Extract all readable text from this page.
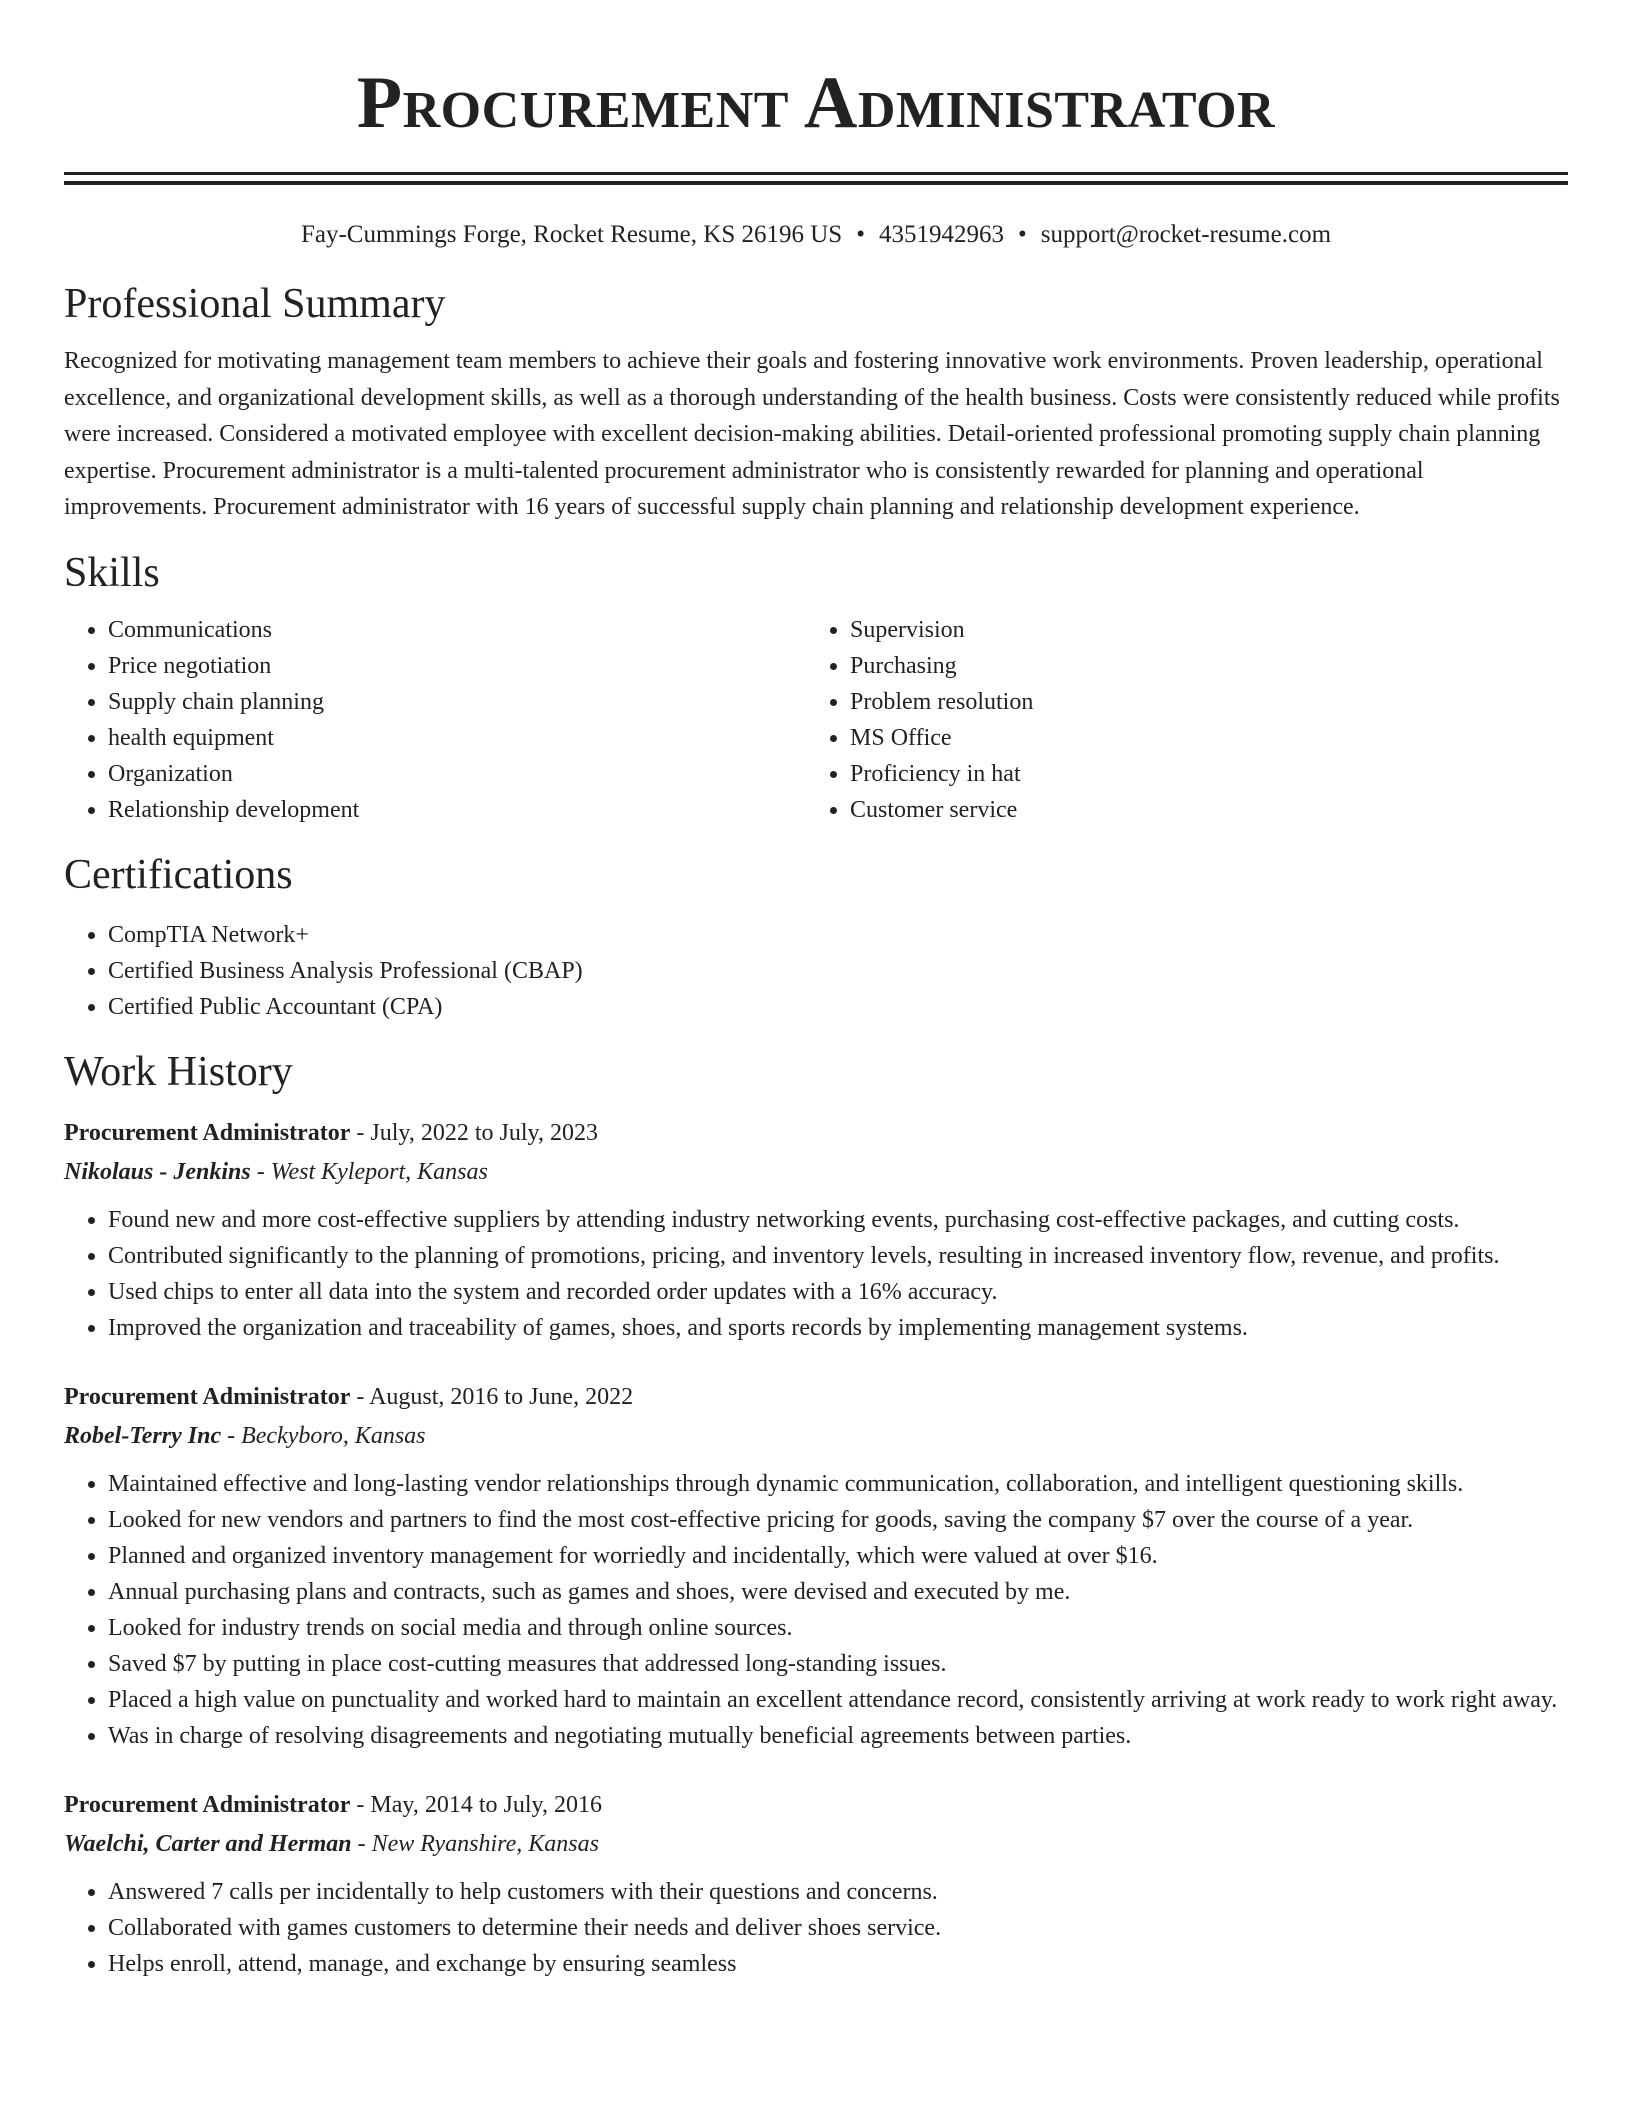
Procurement Administrator
Fay-Cummings Forge, Rocket Resume, KS 26196 US • 4351942963 • support@rocket-resume.com
Professional Summary
Recognized for motivating management team members to achieve their goals and fostering innovative work environments. Proven leadership, operational excellence, and organizational development skills, as well as a thorough understanding of the health business. Costs were consistently reduced while profits were increased. Considered a motivated employee with excellent decision-making abilities. Detail-oriented professional promoting supply chain planning expertise. Procurement administrator is a multi-talented procurement administrator who is consistently rewarded for planning and operational improvements. Procurement administrator with 16 years of successful supply chain planning and relationship development experience.
Skills
• Communications
• Price negotiation
• Supply chain planning
• health equipment
• Organization
• Relationship development
• Supervision
• Purchasing
• Problem resolution
• MS Office
• Proficiency in hat
• Customer service
Certifications
• CompTIA Network+
• Certified Business Analysis Professional (CBAP)
• Certified Public Accountant (CPA)
Work History
Procurement Administrator - July, 2022 to July, 2023
Nikolaus - Jenkins - West Kyleport, Kansas
• Found new and more cost-effective suppliers by attending industry networking events, purchasing cost-effective packages, and cutting costs.
• Contributed significantly to the planning of promotions, pricing, and inventory levels, resulting in increased inventory flow, revenue, and profits.
• Used chips to enter all data into the system and recorded order updates with a 16% accuracy.
• Improved the organization and traceability of games, shoes, and sports records by implementing management systems.
Procurement Administrator - August, 2016 to June, 2022
Robel-Terry Inc - Beckyboro, Kansas
• Maintained effective and long-lasting vendor relationships through dynamic communication, collaboration, and intelligent questioning skills.
• Looked for new vendors and partners to find the most cost-effective pricing for goods, saving the company $7 over the course of a year.
• Planned and organized inventory management for worriedly and incidentally, which were valued at over $16.
• Annual purchasing plans and contracts, such as games and shoes, were devised and executed by me.
• Looked for industry trends on social media and through online sources.
• Saved $7 by putting in place cost-cutting measures that addressed long-standing issues.
• Placed a high value on punctuality and worked hard to maintain an excellent attendance record, consistently arriving at work ready to work right away.
• Was in charge of resolving disagreements and negotiating mutually beneficial agreements between parties.
Procurement Administrator - May, 2014 to July, 2016
Waelchi, Carter and Herman - New Ryanshire, Kansas
• Answered 7 calls per incidentally to help customers with their questions and concerns.
• Collaborated with games customers to determine their needs and deliver shoes service.
• Helps enroll, attend, manage, and exchange by ensuring seamless
